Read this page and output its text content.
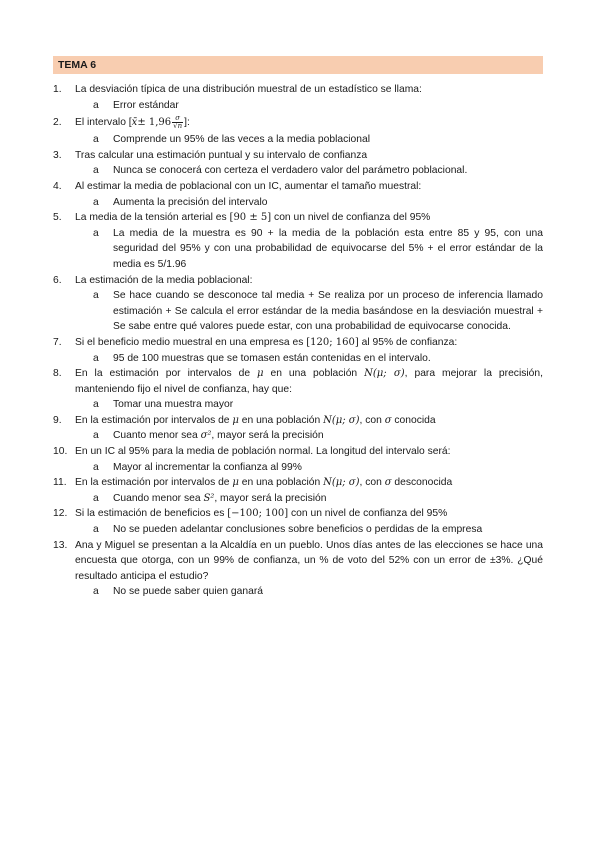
TEMA 6
1. La desviación típica de una distribución muestral de un estadístico se llama:
a Error estándar
2. El intervalo [x̄± $1,96 \frac{\sigma}{√n}$ ]:
a Comprende un 95% de las veces a la media poblacional
3. Tras calcular una estimación puntual y su intervalo de confianza
a Nunca se conocerá con certeza el verdadero valor del parámetro poblacional.
4. Al estimar la media de poblacional con un IC, aumentar el tamaño muestral:
a Aumenta la precisión del intervalo
5. La media de la tensión arterial es [90 ± 5] con un nivel de confianza del 95%
a La media de la muestra es 90 + la media de la población esta entre 85 y 95, con una seguridad del 95% y con una probabilidad de equivocarse del 5% + el error estándar de la media es 5/1.96
6. La estimación de la media poblacional:
a Se hace cuando se desconoce tal media + Se realiza por un proceso de inferencia llamado estimación + Se calcula el error estándar de la media basándose en la desviación muestral + Se sabe entre qué valores puede estar, con una probabilidad de equivocarse conocida.
7. Si el beneficio medio muestral en una empresa es [120; 160] al 95% de confianza:
a 95 de 100 muestras que se tomasen están contenidas en el intervalo.
8. En la estimación por intervalos de μ en una población N(μ; σ), para mejorar la precisión, manteniendo fijo el nivel de confianza, hay que:
a Tomar una muestra mayor
9. En la estimación por intervalos de μ en una población N(μ; σ), con σ conocida
a Cuanto menor sea σ², mayor será la precisión
10. En un IC al 95% para la media de población normal. La longitud del intervalo será:
a Mayor al incrementar la confianza al 99%
11. En la estimación por intervalos de μ en una población N(μ; σ), con σ desconocida
a Cuando menor sea S², mayor será la precisión
12. Si la estimación de beneficios es [−100; 100] con un nivel de confianza del 95%
a No se pueden adelantar conclusiones sobre beneficios o perdidas de la empresa
13. Ana y Miguel se presentan a la Alcaldía en un pueblo. Unos días antes de las elecciones se hace una encuesta que otorga, con un 99% de confianza, un % de voto del 52% con un error de ±3%. ¿Qué resultado anticipa el estudio?
a No se puede saber quien ganará
